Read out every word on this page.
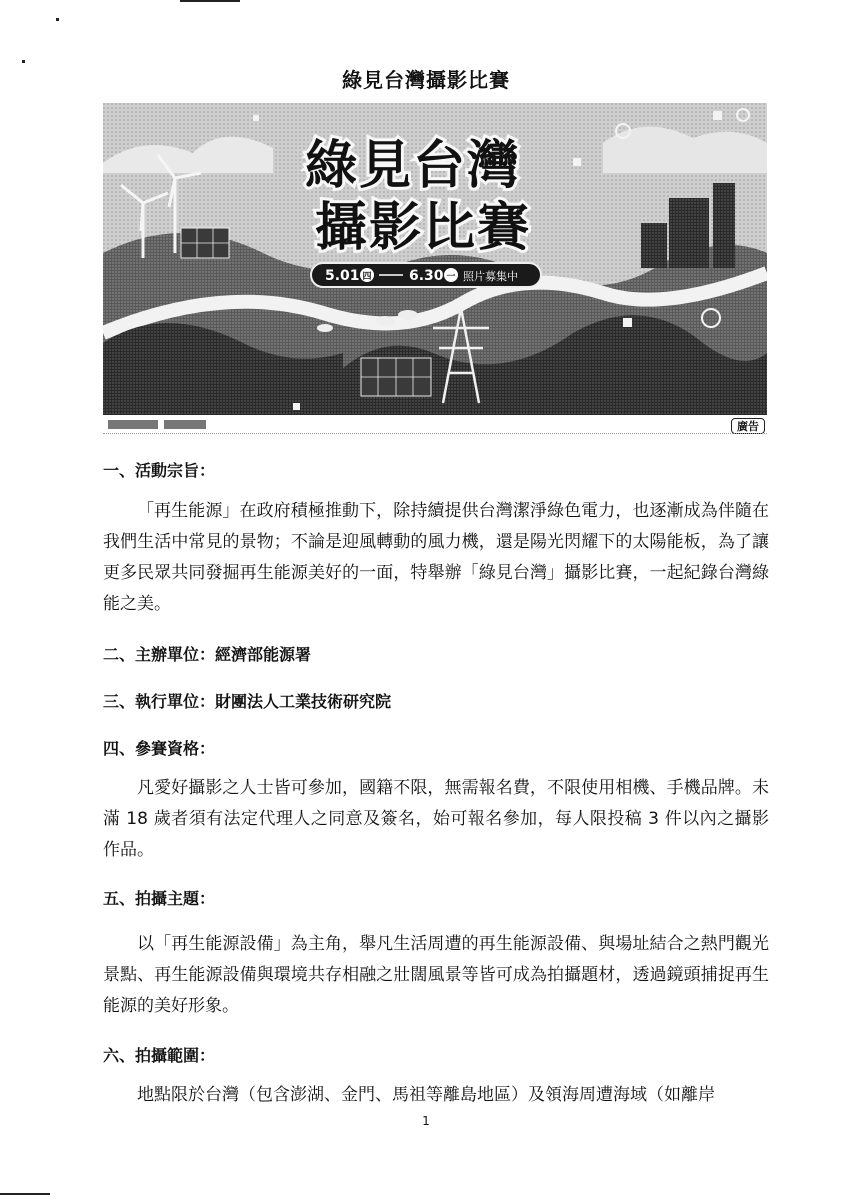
綠見台灣攝影比賽
綠見台灣
攝影比賽
5.01 四	6.30 一 照片募集中
廣告
一、活動宗旨：
「再生能源」在政府積極推動下，除持續提供台灣潔淨綠色電力，也逐漸成為伴隨在我們生活中常見的景物；不論是迎風轉動的風力機，還是陽光閃耀下的太陽能板，為了讓更多民眾共同發掘再生能源美好的一面，特舉辦「綠見台灣」攝影比賽，一起紀錄台灣綠能之美。
二、主辦單位：經濟部能源署
三、執行單位：財團法人工業技術研究院
四、參賽資格：
凡愛好攝影之人士皆可參加，國籍不限，無需報名費，不限使用相機、手機品牌。未滿 18 歲者須有法定代理人之同意及簽名，始可報名參加，每人限投稿 3 件以內之攝影作品。
五、拍攝主題：
以「再生能源設備」為主角，舉凡生活周遭的再生能源設備、與場址結合之熱門觀光景點、再生能源設備與環境共存相融之壯闊風景等皆可成為拍攝題材，透過鏡頭捕捉再生能源的美好形象。
六、拍攝範圍：
地點限於台灣（包含澎湖、金門、馬祖等離島地區）及領海周遭海域（如離岸
1
